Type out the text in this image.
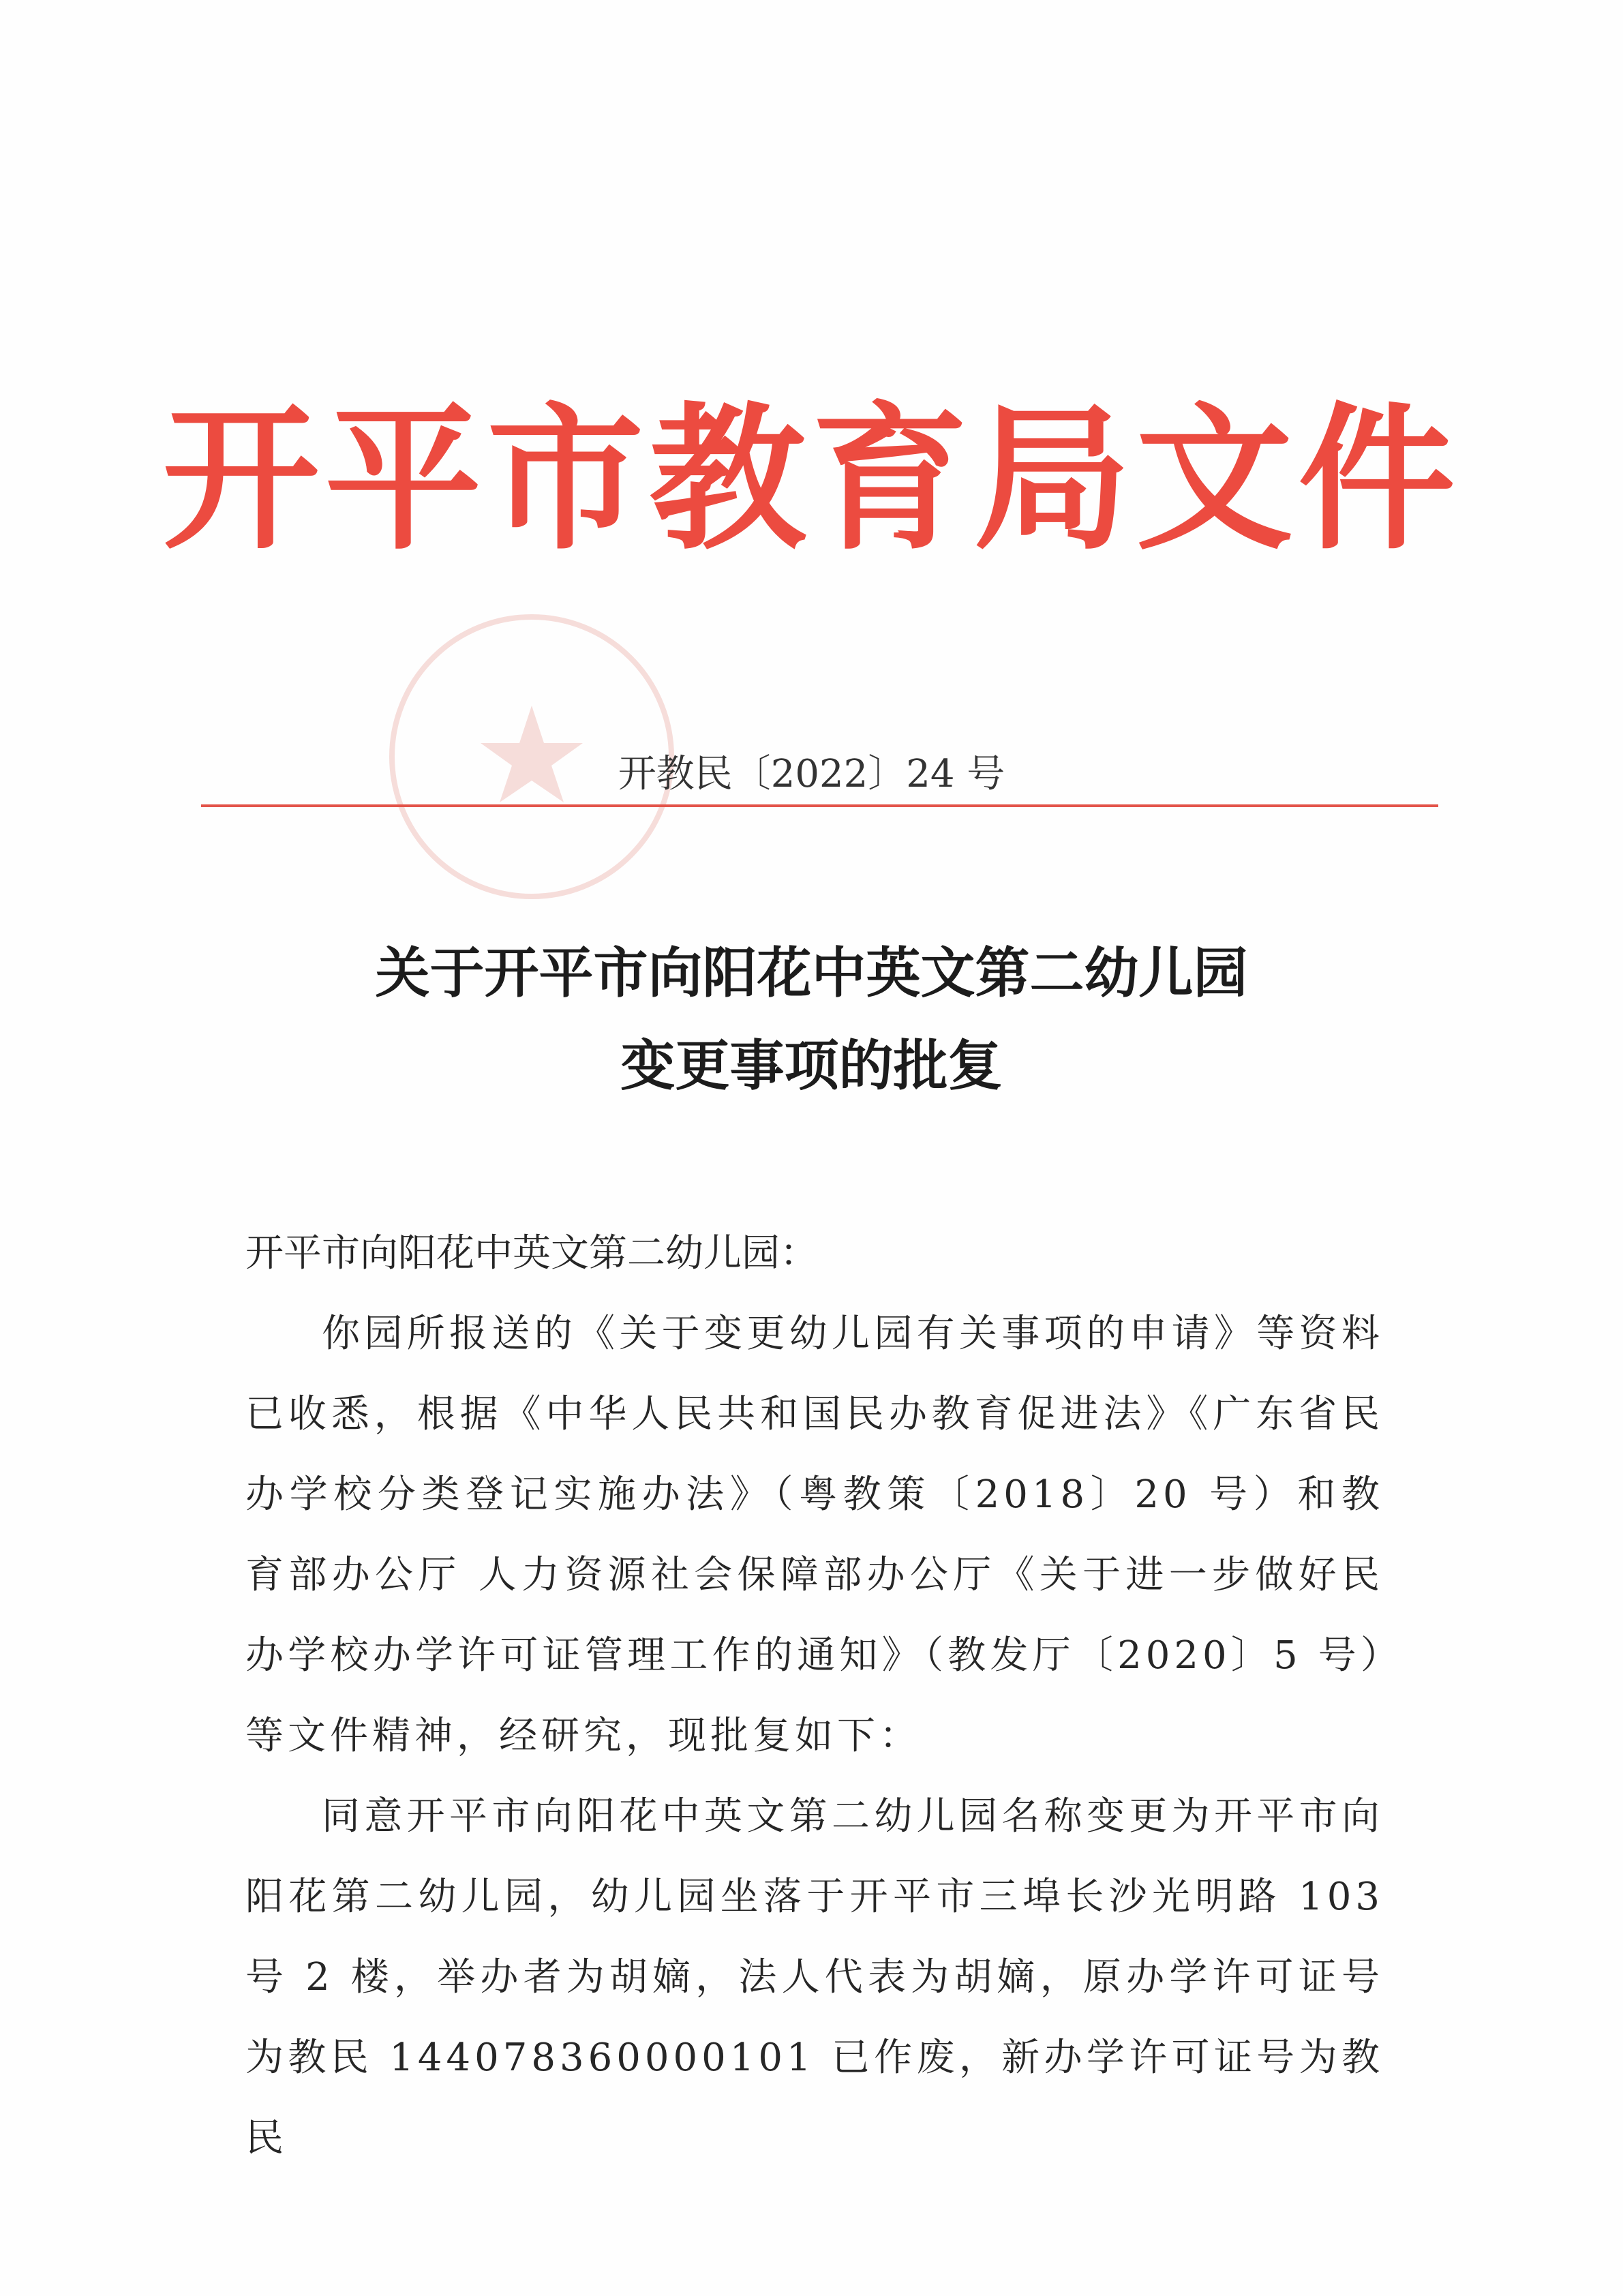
开平市教育局文件
开教民〔2022〕24 号
关于开平市向阳花中英文第二幼儿园
变更事项的批复
开平市向阳花中英文第二幼儿园：
你园所报送的《关于变更幼儿园有关事项的申请》等资料已收悉，根据《中华人民共和国民办教育促进法》《广东省民办学校分类登记实施办法》（粤教策〔2018〕20 号）和教育部办公厅 人力资源社会保障部办公厅《关于进一步做好民办学校办学许可证管理工作的通知》（教发厅〔2020〕5 号）等文件精神，经研究，现批复如下：
同意开平市向阳花中英文第二幼儿园名称变更为开平市向阳花第二幼儿园，幼儿园坐落于开平市三埠长沙光明路 103 号 2 楼，举办者为胡嫡，法人代表为胡嫡，原办学许可证号为教民 144078360000101 已作废，新办学许可证号为教民
